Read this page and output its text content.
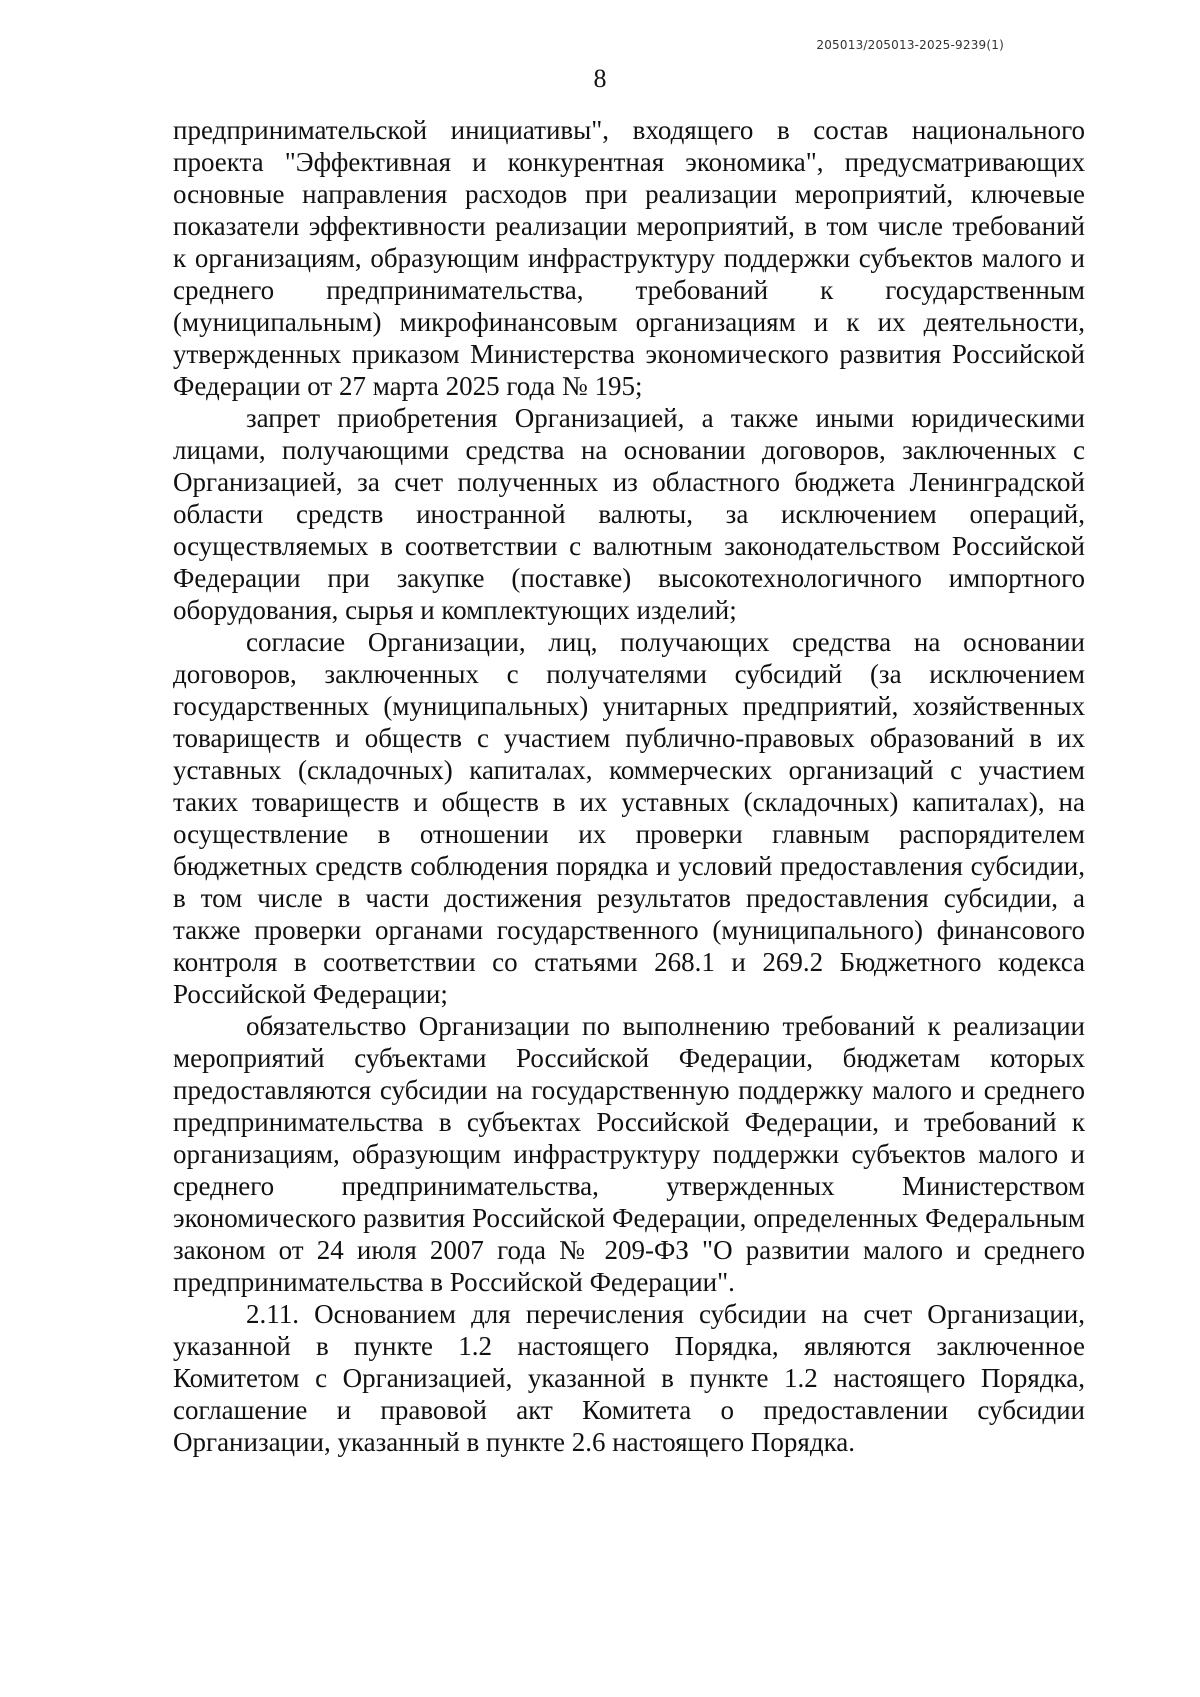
205013/205013-2025-9239(1)
8

предпринимательской инициативы", входящего в состав национального проекта "Эффективная и конкурентная экономика", предусматривающих основные направления расходов при реализации мероприятий, ключевые показатели эффективности реализации мероприятий, в том числе требований к организациям, образующим инфраструктуру поддержки субъектов малого и среднего предпринимательства, требований к государственным (муниципальным) микрофинансовым организациям и к их деятельности, утвержденных приказом Министерства экономического развития Российской Федерации от 27 марта 2025 года № 195;

запрет приобретения Организацией, а также иными юридическими лицами, получающими средства на основании договоров, заключенных с Организацией, за счет полученных из областного бюджета Ленинградской области средств иностранной валюты, за исключением операций, осуществляемых в соответствии с валютным законодательством Российской Федерации при закупке (поставке) высокотехнологичного импортного оборудования, сырья и комплектующих изделий;

согласие Организации, лиц, получающих средства на основании договоров, заключенных с получателями субсидий (за исключением государственных (муниципальных) унитарных предприятий, хозяйственных товариществ и обществ с участием публично-правовых образований в их уставных (складочных) капиталах, коммерческих организаций с участием таких товариществ и обществ в их уставных (складочных) капиталах), на осуществление в отношении их проверки главным распорядителем бюджетных средств соблюдения порядка и условий предоставления субсидии, в том числе в части достижения результатов предоставления субсидии, а также проверки органами государственного (муниципального) финансового контроля в соответствии со статьями 268.1 и 269.2 Бюджетного кодекса Российской Федерации;

обязательство Организации по выполнению требований к реализации мероприятий субъектами Российской Федерации, бюджетам которых предоставляются субсидии на государственную поддержку малого и среднего предпринимательства в субъектах Российской Федерации, и требований к организациям, образующим инфраструктуру поддержки субъектов малого и среднего предпринимательства, утвержденных Министерством экономического развития Российской Федерации, определенных Федеральным законом от 24 июля 2007 года № 209-ФЗ "О развитии малого и среднего предпринимательства в Российской Федерации".

2.11. Основанием для перечисления субсидии на счет Организации, указанной в пункте 1.2 настоящего Порядка, являются заключенное Комитетом с Организацией, указанной в пункте 1.2 настоящего Порядка, соглашение и правовой акт Комитета о предоставлении субсидии Организации, указанный в пункте 2.6 настоящего Порядка.
